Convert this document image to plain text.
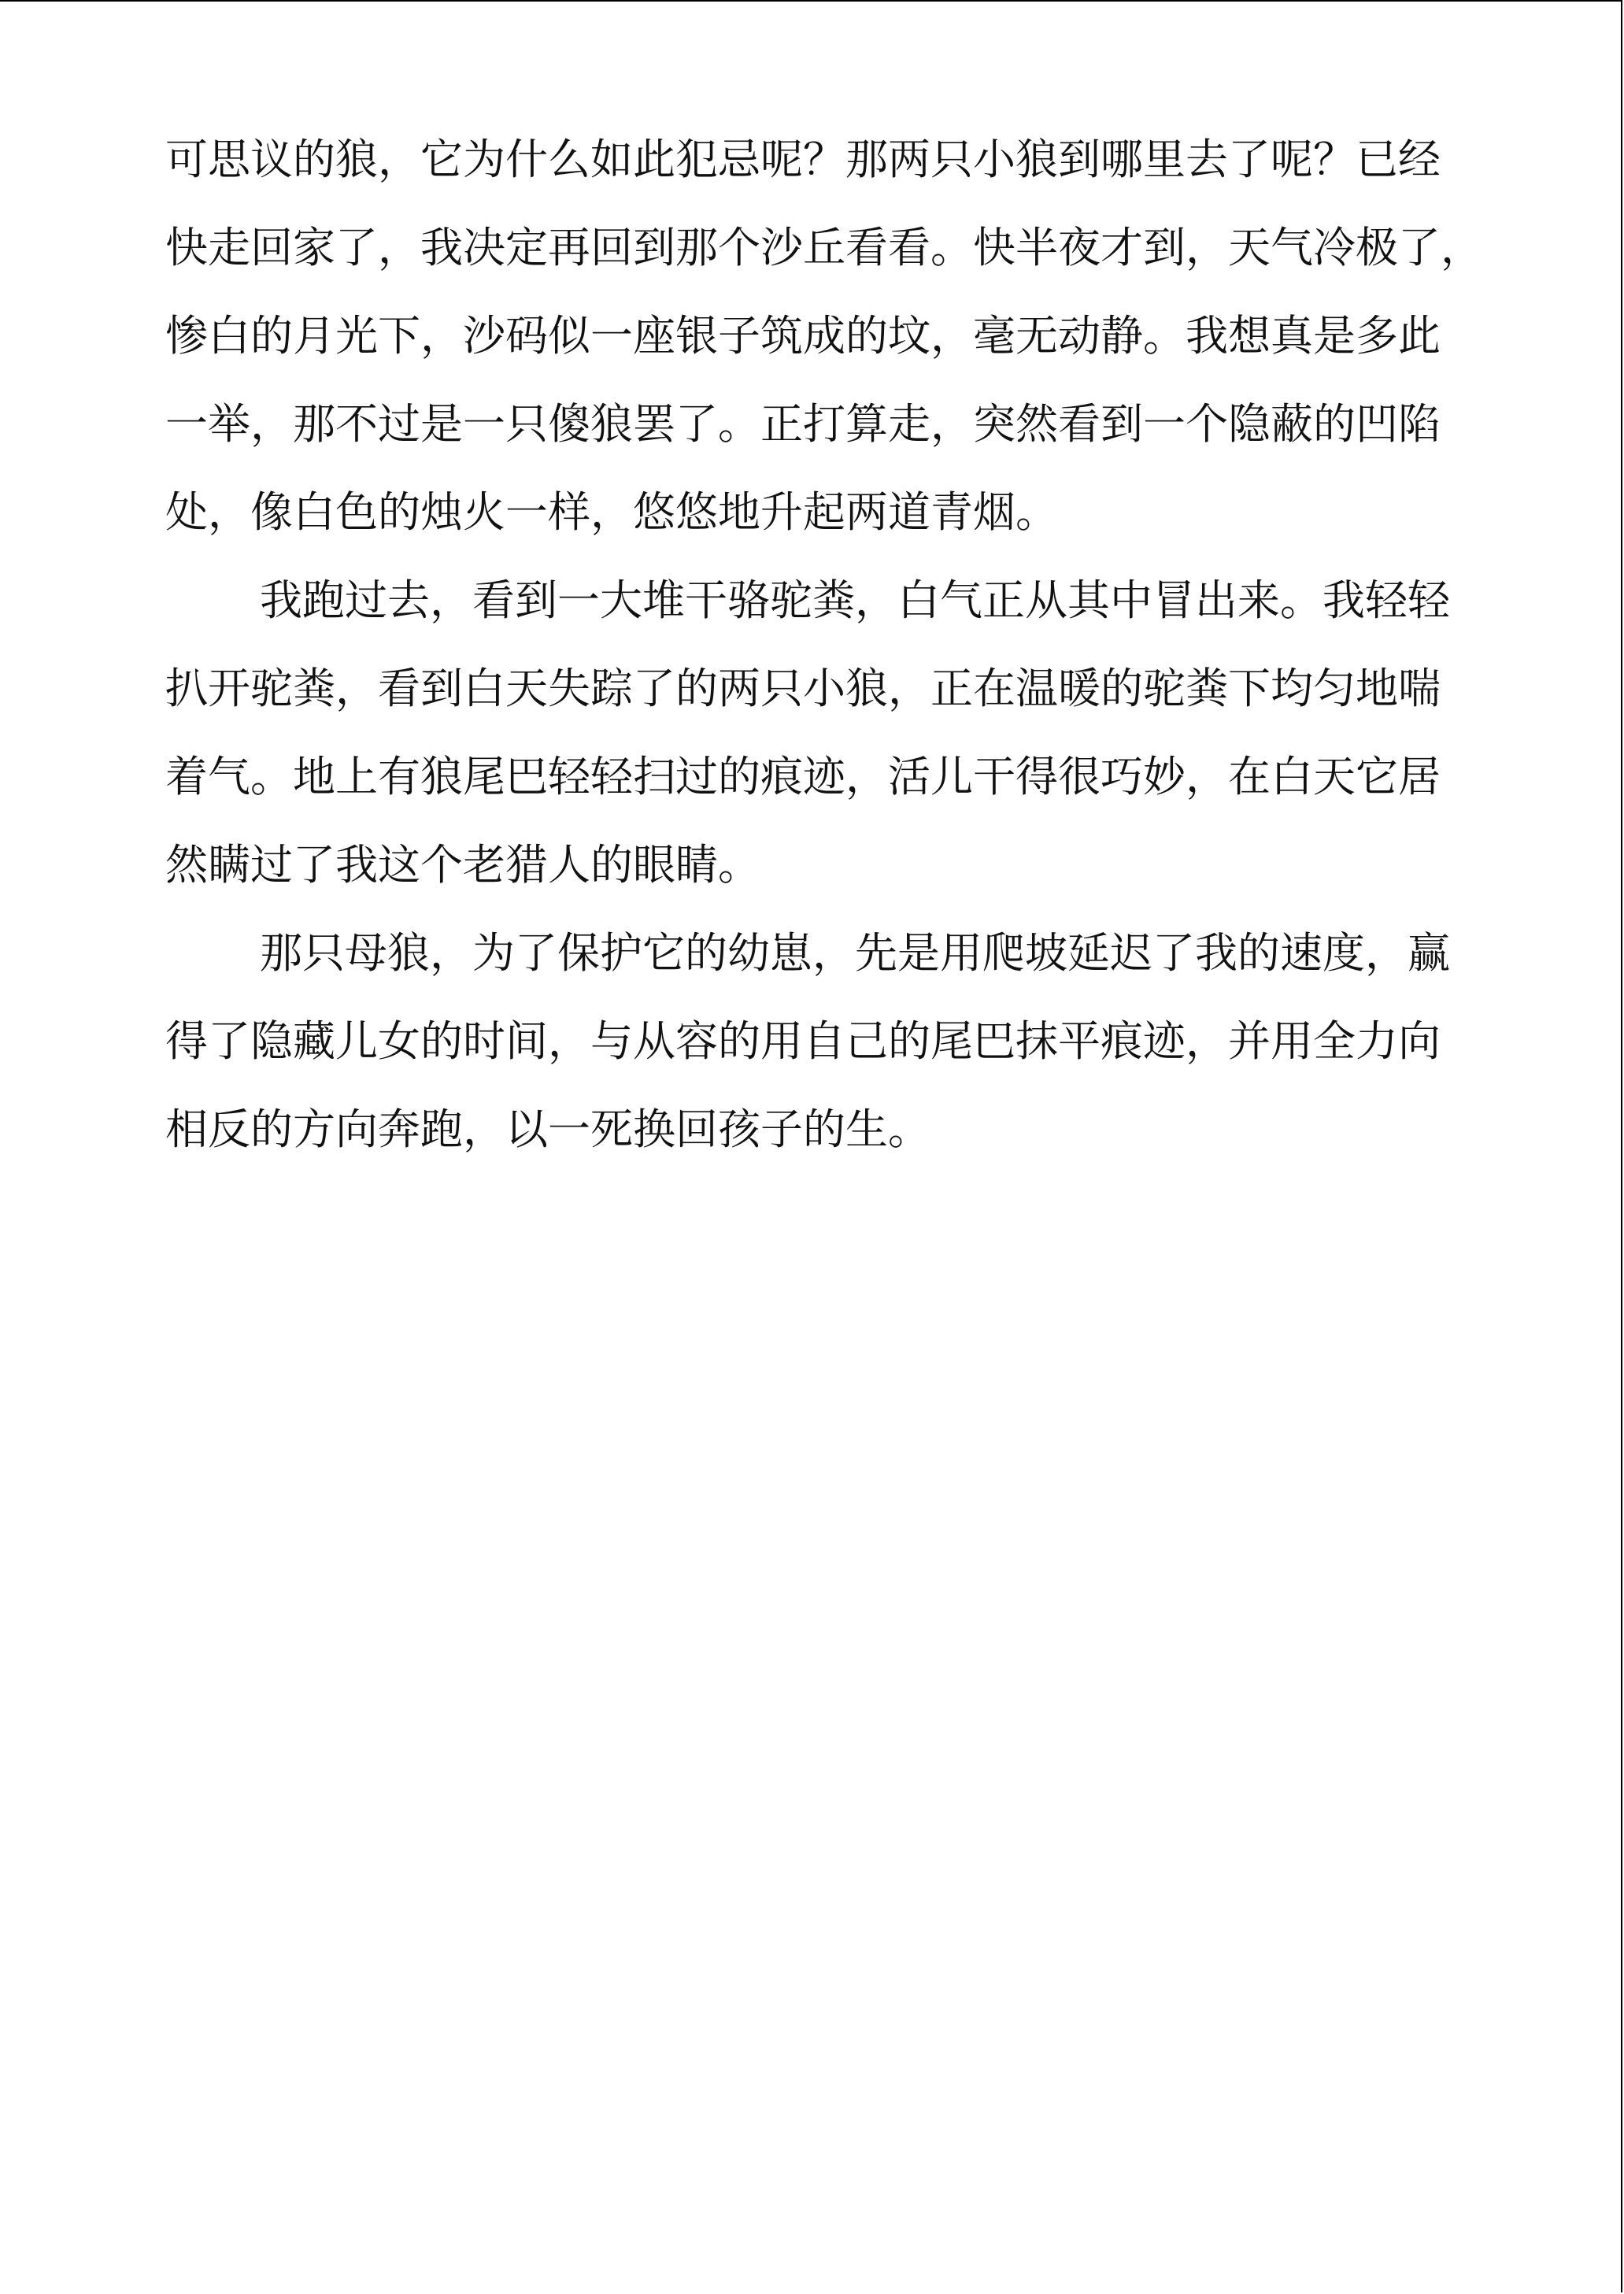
可思议的狼，它为什么如此犯忌呢？那两只小狼到哪里去了呢？已经
快走回家了，我决定再回到那个沙丘看看。快半夜才到，天气冷极了，
惨白的月光下，沙码似一座银子筑成的坟，毫无动静。我想真是多此
一举，那不过是一只傻狼罢了。正打算走，突然看到一个隐蔽的凹陷
处，像白色的烛火一样，悠悠地升起两道青烟。
我跑过去，看到一大堆干骆驼粪，白气正从其中冒出来。我轻轻
扒开驼粪，看到白天失踪了的两只小狼，正在温暖的驼粪下均匀地喘
着气。地上有狼尾巴轻轻扫过的痕迹，活儿干得很巧妙，在白天它居
然瞒过了我这个老猎人的眼睛。
那只母狼，为了保护它的幼崽，先是用爬坡延迟了我的速度，赢
得了隐藏儿女的时间，与从容的用自己的尾巴抹平痕迹，并用全力向
相反的方向奔跑，以一死换回孩子的生。
